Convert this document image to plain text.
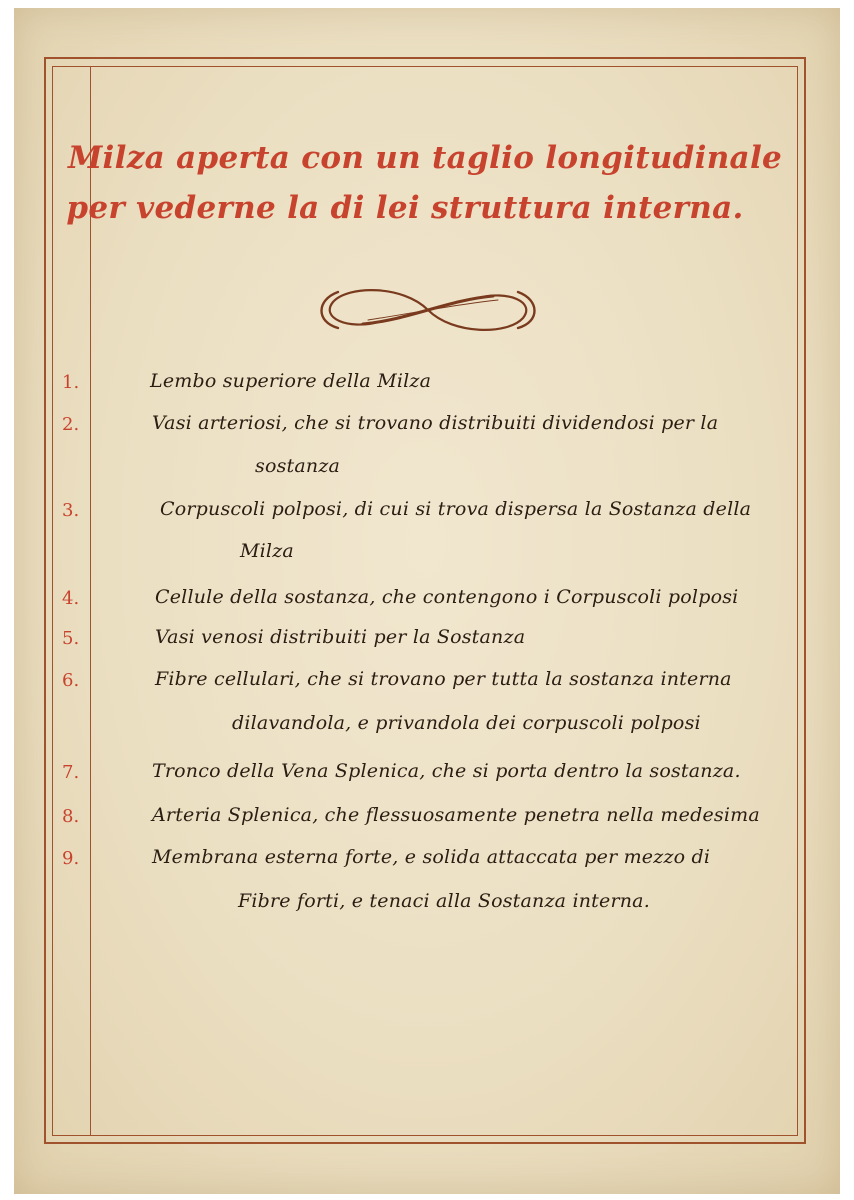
Milza aperta con un taglio longitudinale
per vederne la di lei struttura interna.
1.	Lembo superiore della Milza
2.	Vasi arteriosi, che si trovano distribuiti dividendosi per la
sostanza
3.	Corpuscoli polposi, di cui si trova dispersa la Sostanza della
Milza
4.	Cellule della sostanza, che contengono i Corpuscoli polposi
5.	Vasi venosi distribuiti per la Sostanza
6.	Fibre cellulari, che si trovano per tutta la sostanza interna
dilavandola, e privandola dei corpuscoli polposi
7.	Tronco della Vena Splenica, che si porta dentro la sostanza.
8.	Arteria Splenica, che flessuosamente penetra nella medesima
9.	Membrana esterna forte, e solida attaccata per mezzo di
Fibre forti, e tenaci alla Sostanza interna.
